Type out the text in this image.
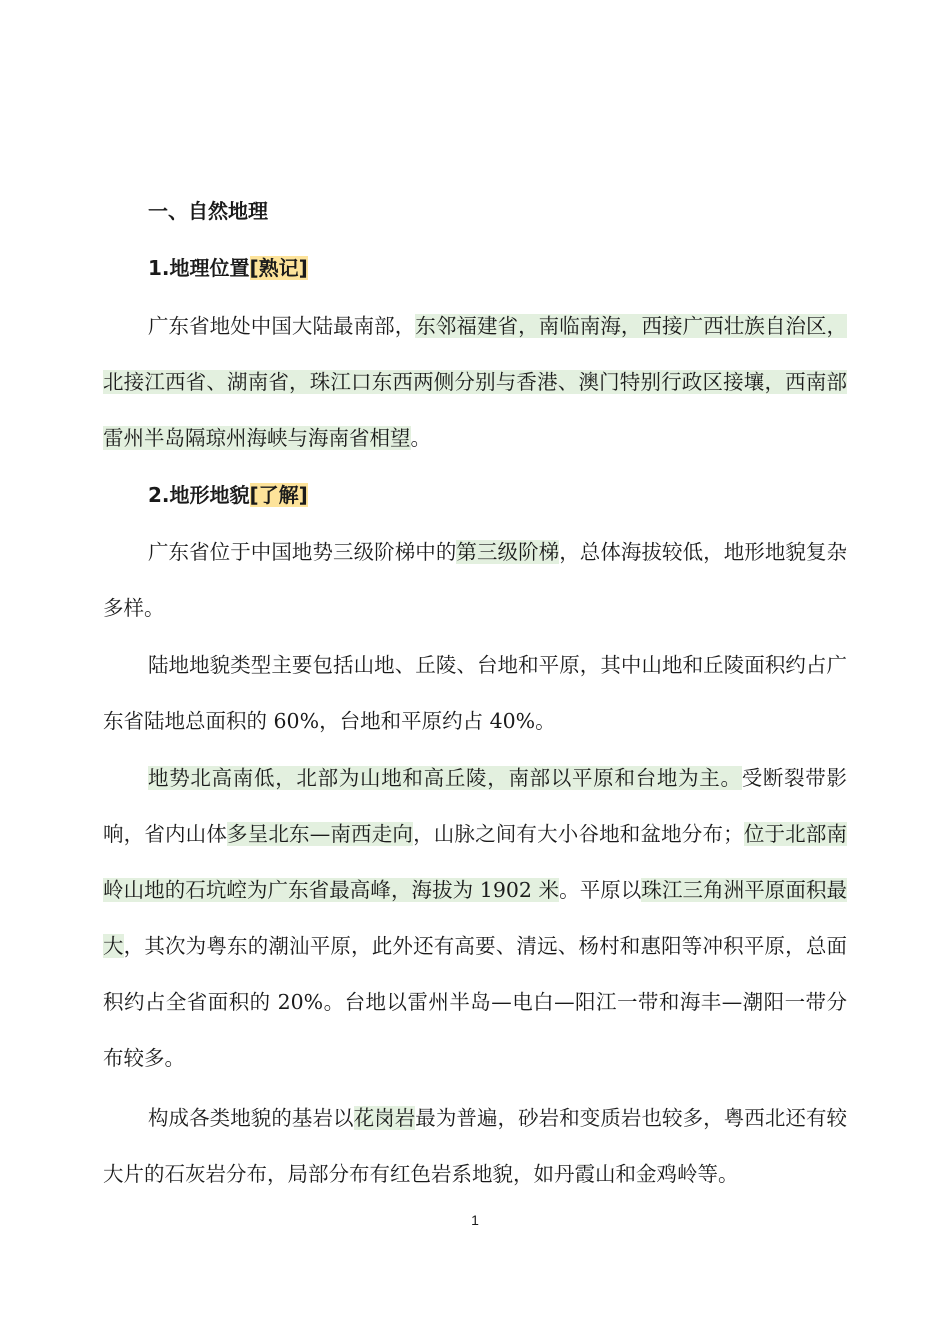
一、自然地理
1.地理位置[熟记]

广东省地处中国大陆最南部，东邻福建省，南临南海，西接广西壮族自治区，北接江西省、湖南省，珠江口东西两侧分别与香港、澳门特别行政区接壤，西南部雷州半岛隔琼州海峡与海南省相望。

2.地形地貌[了解]

广东省位于中国地势三级阶梯中的第三级阶梯，总体海拔较低，地形地貌复杂多样。

陆地地貌类型主要包括山地、丘陵、台地和平原，其中山地和丘陵面积约占广东省陆地总面积的 60%，台地和平原约占 40%。

地势北高南低，北部为山地和高丘陵，南部以平原和台地为主。受断裂带影响，省内山体多呈北东—南西走向，山脉之间有大小谷地和盆地分布；位于北部南岭山地的石坑崆为广东省最高峰，海拔为 1902 米。平原以珠江三角洲平原面积最大，其次为粤东的潮汕平原，此外还有高要、清远、杨村和惠阳等冲积平原，总面积约占全省面积的 20%。台地以雷州半岛—电白—阳江一带和海丰—潮阳一带分布较多。

构成各类地貌的基岩以花岗岩最为普遍，砂岩和变质岩也较多，粤西北还有较大片的石灰岩分布，局部分布有红色岩系地貌，如丹霞山和金鸡岭等。

1
